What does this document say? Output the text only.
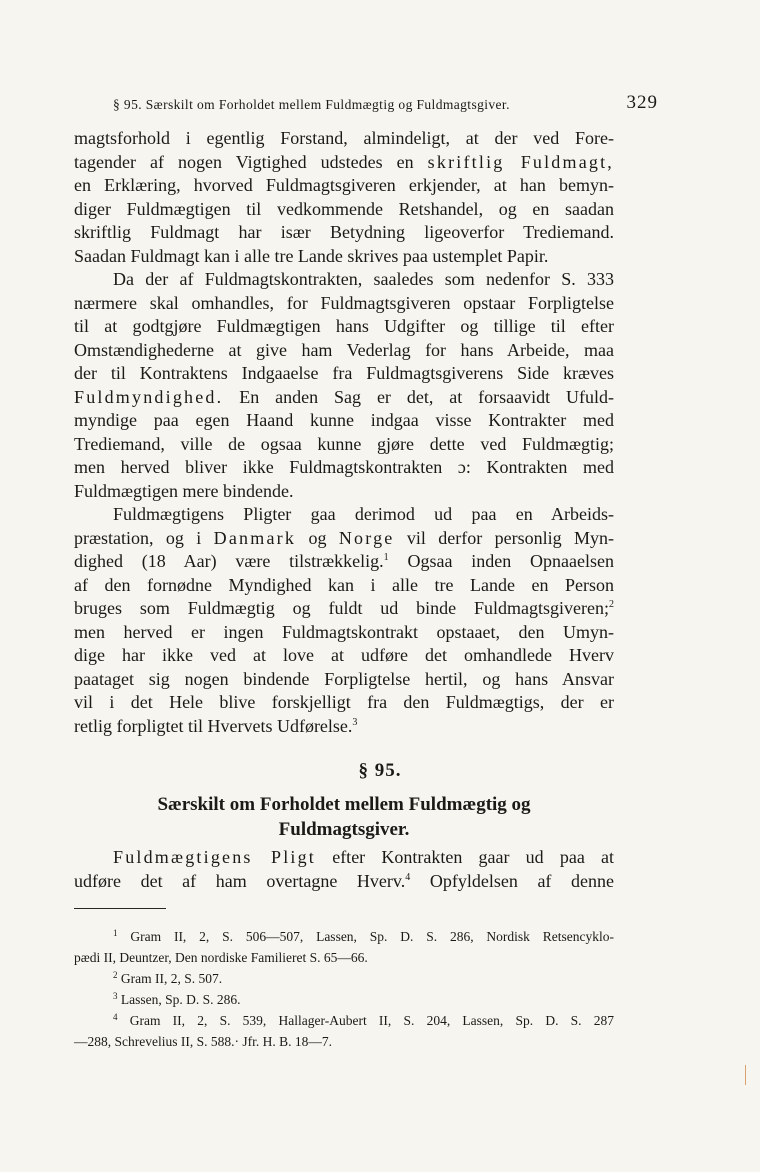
§ 95. Særskilt om Forholdet mellem Fuldmægtig og Fuldmagtsgiver.	329
magtsforhold i egentlig Forstand, almindeligt, at der ved Fore-
tagender af nogen Vigtighed udstedes en skriftlig Fuldmagt,
en Erklæring, hvorved Fuldmagtsgiveren erkjender, at han bemyn-
diger Fuldmægtigen til vedkommende Retshandel, og en saadan
skriftlig Fuldmagt har især Betydning ligeoverfor Trediemand.
Saadan Fuldmagt kan i alle tre Lande skrives paa ustemplet Papir.
Da der af Fuldmagtskontrakten, saaledes som nedenfor S. 333
nærmere skal omhandles, for Fuldmagtsgiveren opstaar Forpligtelse
til at godtgjøre Fuldmægtigen hans Udgifter og tillige til efter
Omstændighederne at give ham Vederlag for hans Arbeide, maa
der til Kontraktens Indgaaelse fra Fuldmagtsgiverens Side kræves
Fuldmyndighed. En anden Sag er det, at forsaavidt Ufuld-
myndige paa egen Haand kunne indgaa visse Kontrakter med
Trediemand, ville de ogsaa kunne gjøre dette ved Fuldmægtig;
men herved bliver ikke Fuldmagtskontrakten ɔ: Kontrakten med
Fuldmægtigen mere bindende.
Fuldmægtigens Pligter gaa derimod ud paa en Arbeids-
præstation, og i Danmark og Norge vil derfor personlig Myn-
dighed (18 Aar) være tilstrækkelig.$^1$ Ogsaa inden Opnaaelsen
af den fornødne Myndighed kan i alle tre Lande en Person
bruges som Fuldmægtig og fuldt ud binde Fuldmagtsgiveren;$^2$
men herved er ingen Fuldmagtskontrakt opstaaet, den Umyn-
dige har ikke ved at love at udføre det omhandlede Hverv
paataget sig nogen bindende Forpligtelse hertil, og hans Ansvar
vil i det Hele blive forskjelligt fra den Fuldmægtigs, der er
retlig forpligtet til Hvervets Udførelse.$^3$
§ 95.
Særskilt om Forholdet mellem Fuldmægtig og
Fuldmagtsgiver.
Fuldmægtigens Pligt efter Kontrakten gaar ud paa at
udføre det af ham overtagne Hverv.$^4$ Opfyldelsen af denne
$^1$ Gram II, 2, S. 506—507, Lassen, Sp. D. S. 286, Nordisk Retsencyklo-
pædi II, Deuntzer, Den nordiske Familieret S. 65—66.
$^2$ Gram II, 2, S. 507.
$^3$ Lassen, Sp. D. S. 286.
$^4$ Gram II, 2, S. 539, Hallager-Aubert II, S. 204, Lassen, Sp. D. S. 287
—288, Schrevelius II, S. 588.· Jfr. H. B. 18—7.
